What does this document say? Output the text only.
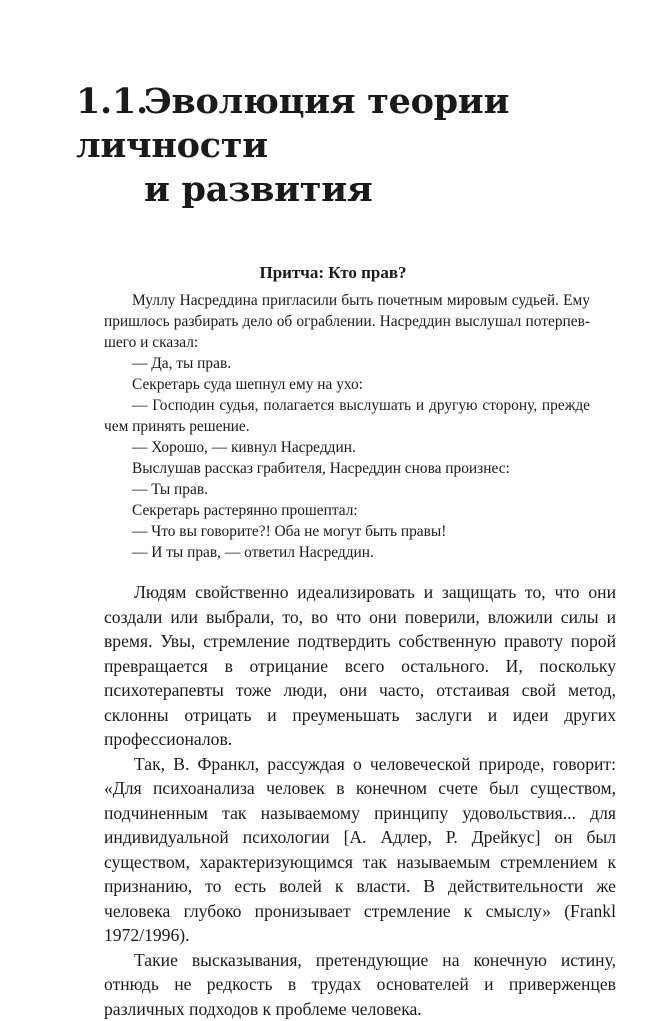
1.1.Эволюция теории личности
и развития
Притча: Кто прав?

Муллу Насреддина пригласили быть почетным мировым судьей. Ему пришлось разбирать дело об ограблении. Насреддин выслушал потерпевшего и сказал:

— Да, ты прав.

Секретарь суда шепнул ему на ухо:

— Господин судья, полагается выслушать и другую сторону, прежде чем принять решение.

— Хорошо, — кивнул Насреддин.

Выслушав рассказ грабителя, Насреддин снова произнес:

— Ты прав.

Секретарь растерянно прошептал:

— Что вы говорите?! Оба не могут быть правы!

— И ты прав, — ответил Насреддин.

Людям свойственно идеализировать и защищать то, что они создали или выбрали, то, во что они поверили, вложили силы и время. Увы, стремление подтвердить собственную правоту порой превращается в отрицание всего остального. И, поскольку психотерапевты тоже люди, они часто, отстаивая свой метод, склонны отрицать и преуменьшать заслуги и идеи других профессионалов.

Так, В. Франкл, рассуждая о человеческой природе, говорит: «Для психоанализа человек в конечном счете был существом, подчиненным так называемому принципу удовольствия... для индивидуальной психологии [А. Адлер, Р. Дрейкус] он был существом, характеризующимся так называемым стремлением к признанию, то есть волей к власти. В действительности же человека глубоко пронизывает стремление к смыслу» (Frankl 1972/1996).

Такие высказывания, претендующие на конечную истину, отнюдь не редкость в трудах основателей и приверженцев различных подходов к проблеме человека.
